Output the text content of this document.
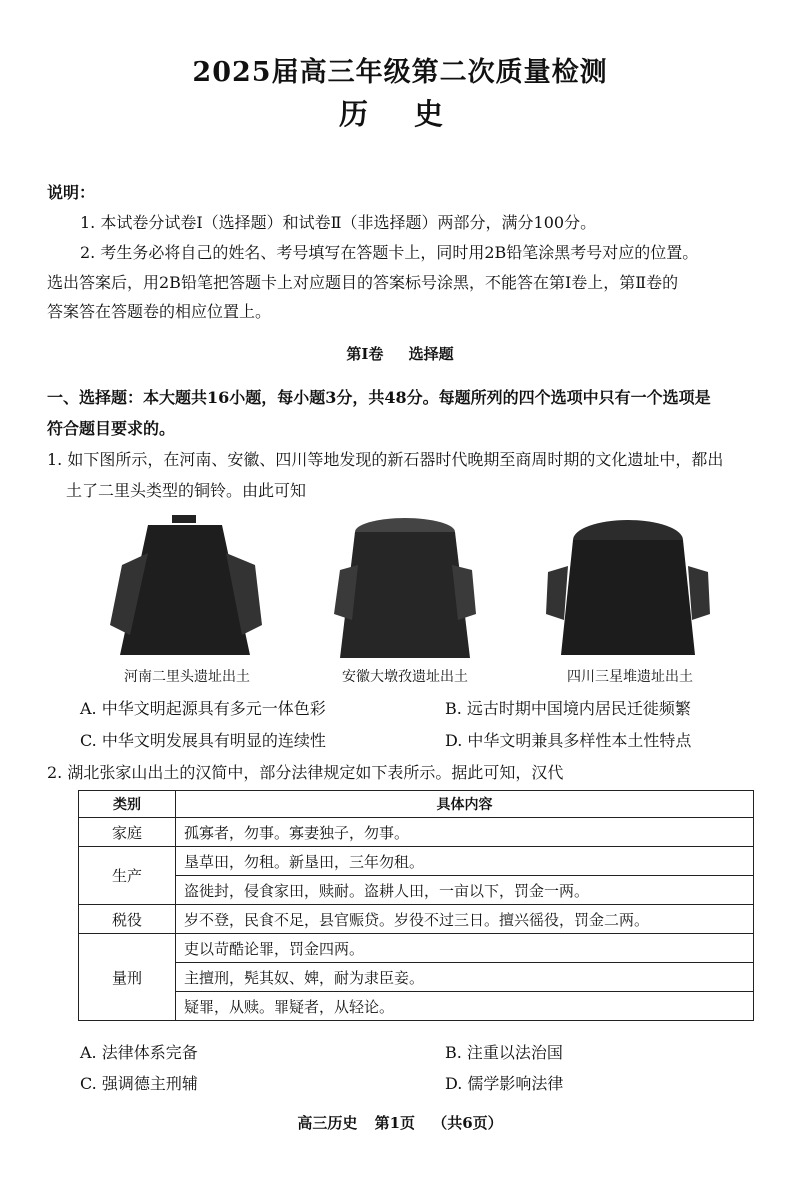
2025届高三年级第二次质量检测
历 史
说明：
1. 本试卷分试卷Ⅰ（选择题）和试卷Ⅱ（非选择题）两部分，满分100分。
2. 考生务必将自己的姓名、考号填写在答题卡上，同时用2B铅笔涂黑考号对应的位置。
选出答案后，用2B铅笔把答题卡上对应题目的答案标号涂黑，不能答在第Ⅰ卷上，第Ⅱ卷的
答案答在答题卷的相应位置上。
第Ⅰ卷 选择题
一、选择题：本大题共16小题，每小题3分，共48分。每题所列的四个选项中只有一个选项是
符合题目要求的。
1. 如下图所示，在河南、安徽、四川等地发现的新石器时代晚期至商周时期的文化遗址中，都出
土了二里头类型的铜铃。由此可知
河南二里头遗址出土	安徽大墩孜遗址出土	四川三星堆遗址出土
A. 中华文明起源具有多元一体色彩	B. 远古时期中国境内居民迁徙频繁
C. 中华文明发展具有明显的连续性	D. 中华文明兼具多样性本土性特点
2. 湖北张家山出土的汉简中，部分法律规定如下表所示。据此可知，汉代
类别	具体内容
家庭	孤寡者，勿事。寡妻独子，勿事。
生产	垦草田，勿租。新垦田，三年勿租。
	盗徙封，侵食家田，赎耐。盗耕人田，一亩以下，罚金一两。
税役	岁不登，民食不足，县官赈贷。岁役不过三日。擅兴徭役，罚金二两。
量刑	吏以苛酷论罪，罚金四两。
	主擅刑，髡其奴、婢，耐为隶臣妾。
	疑罪，从赎。罪疑者，从轻论。
A. 法律体系完备	B. 注重以法治国
C. 强调德主刑辅	D. 儒学影响法律
高三历史 第1页 （共6页）
